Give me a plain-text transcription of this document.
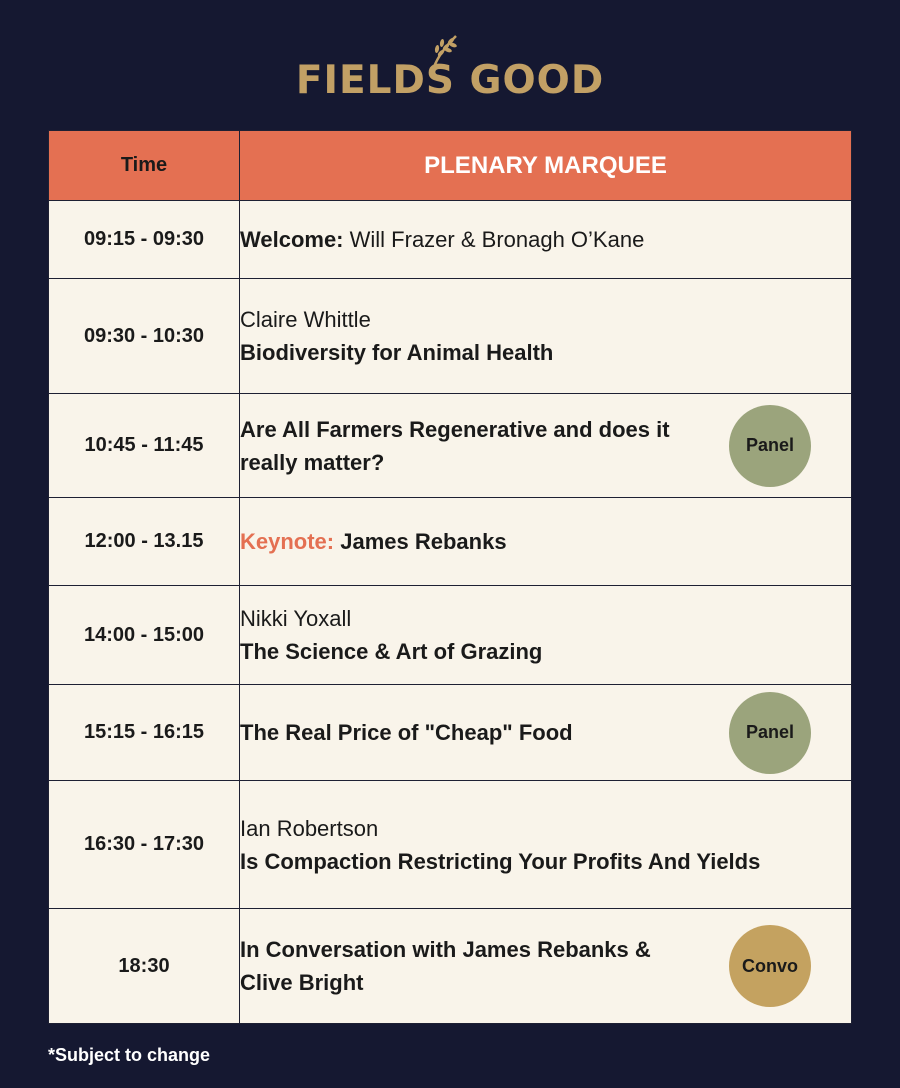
FIELDS GOOD
Time	PLENARY MARQUEE
09:15 - 09:30	Welcome: Will Frazer & Bronagh O’Kane
09:30 - 10:30	Claire Whittle
Biodiversity for Animal Health

10:45 - 11:45	Are All Farmers Regenerative and does it really matter?
Panel

12:00 - 13.15	Keynote: James Rebanks
14:00 - 15:00	Nikki Yoxall
The Science & Art of Grazing

15:15 - 16:15	The Real Price of "Cheap" Food Panel

16:30 - 17:30	Ian Robertson
Is Compaction Restricting Your Profits And Yields

18:30	In Conversation with James Rebanks & Clive Bright
Convo
*Subject to change
